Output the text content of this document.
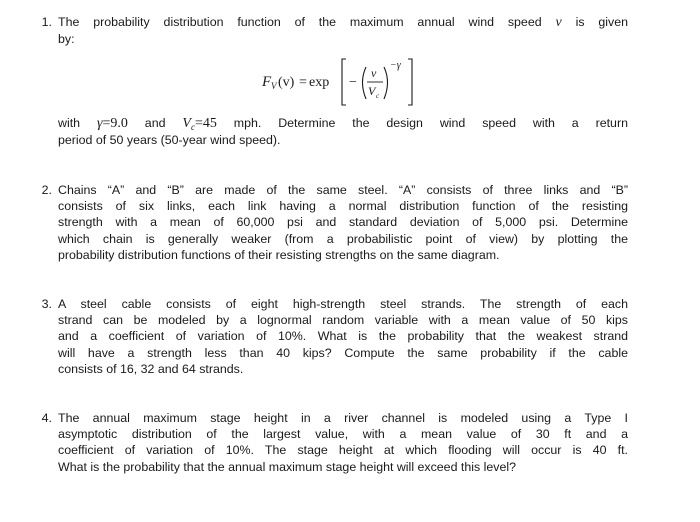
1. The probability distribution function of the maximum annual wind speed v is given
by:
F V (v) = exp −
v
V c
−γ
with γ=9.0 and $V_c=45$ mph. Determine the design wind speed with a return
period of 50 years (50-year wind speed).
2. Chains “A” and “B” are made of the same steel. “A” consists of three links and “B”
consists of six links, each link having a normal distribution function of the resisting
strength with a mean of 60,000 psi and standard deviation of 5,000 psi. Determine
which chain is generally weaker (from a probabilistic point of view) by plotting the
probability distribution functions of their resisting strengths on the same diagram.
3. A steel cable consists of eight high-strength steel strands. The strength of each
strand can be modeled by a lognormal random variable with a mean value of 50 kips
and a coefficient of variation of 10%. What is the probability that the weakest strand
will have a strength less than 40 kips? Compute the same probability if the cable
consists of 16, 32 and 64 strands.
4. The annual maximum stage height in a river channel is modeled using a Type I
asymptotic distribution of the largest value, with a mean value of 30 ft and a
coefficient of variation of 10%. The stage height at which flooding will occur is 40 ft.
What is the probability that the annual maximum stage height will exceed this level?
